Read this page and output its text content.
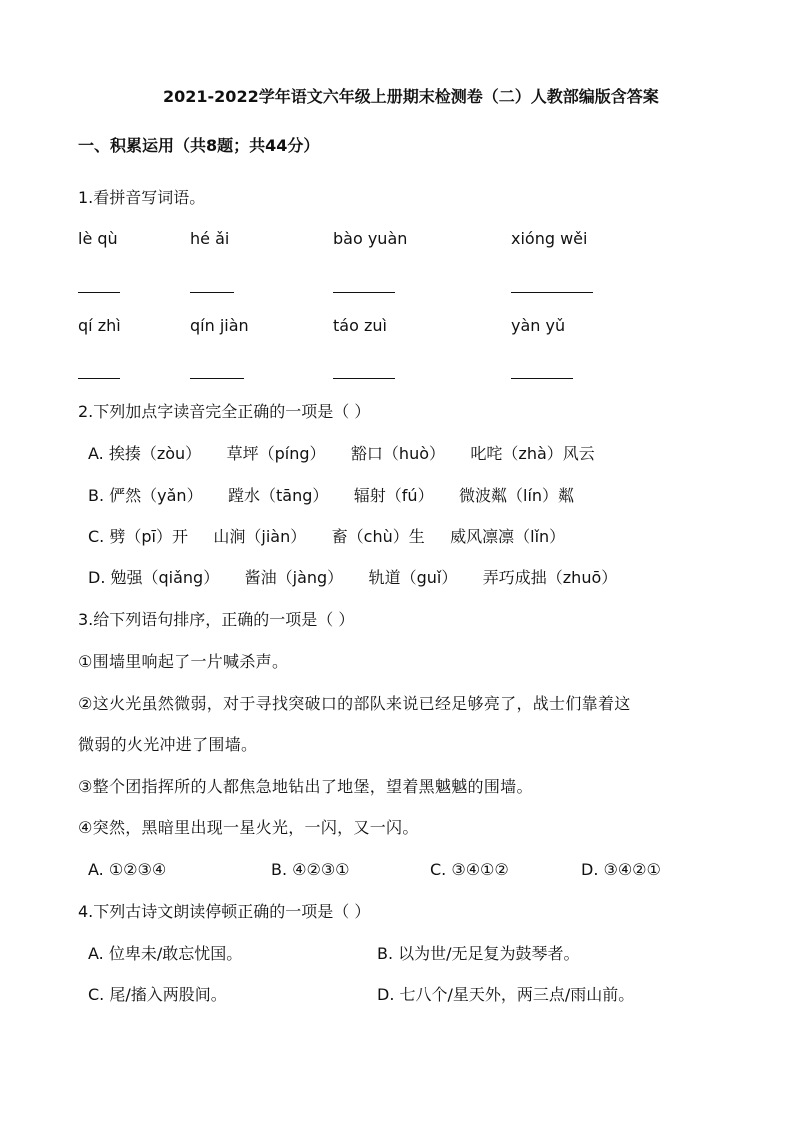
2021-2022学年语文六年级上册期末检测卷（二）人教部编版含答案
一、积累运用（共8题；共44分）
1.看拼音写词语。
lè qù	hé ǎi	bào yuàn	xióng wěi
qí zhì	qín jiàn	táo zuì	yàn yǔ
2.下列加点字读音完全正确的一项是（ ）
A. 挨揍（zòu）     草坪（píng）     豁口（huò）     叱咤（zhà）风云
B. 俨然（yǎn）     蹚水（tāng）     辐射（fú）     微波粼（lín）粼
C. 劈（pī）开     山涧（jiàn）     畜（chù）生     威风凛凛（lǐn）
D. 勉强（qiǎng）     酱油（jàng）     轨道（guǐ）     弄巧成拙（zhuō）
3.给下列语句排序，正确的一项是（ ）
①围墙里响起了一片喊杀声。
②这火光虽然微弱，对于寻找突破口的部队来说已经足够亮了，战士们靠着这
微弱的火光冲进了围墙。
③整个团指挥所的人都焦急地钻出了地堡，望着黑魆魆的围墙。
④突然，黑暗里出现一星火光，一闪，又一闪。
A. ①②③④	B. ④②③①	C. ③④①②	D. ③④②①
4.下列古诗文朗读停顿正确的一项是（ ）
A. 位卑未/敢忘忧国。	B. 以为世/无足复为鼓琴者。
C. 尾/搐入两股间。	D. 七八个/星天外，两三点/雨山前。
